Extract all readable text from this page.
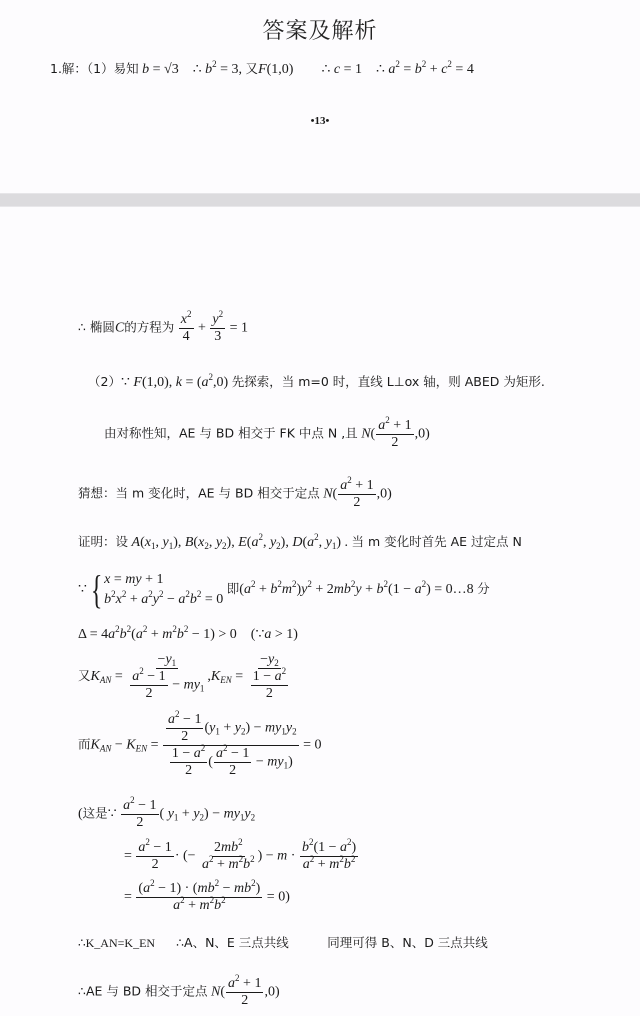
答案及解析
1.解：（1）易知 b = √3    ∴ $b^2 = 3$, 又F(1,0)        ∴ c = 1    ∴ $a^2 = b^2 + c^2 = 4$
•13•
∴ 椭圆C的方程为 $\frac{x^2}{4} + \frac{y^2}{3} = 1$
（2）∵ F(1,0), $k = (a^2,0)$ 先探索，当 m=0 时，直线 L⊥ox 轴，则 ABED 为矩形.
由对称性知，AE 与 BD 相交于 FK 中点 N ,且 $N( \frac{a^2 + 1}{2} ,0)$
猜想：当 m 变化时，AE 与 BD 相交于定点 $N( \frac{a^2 + 1}{2} ,0)$
证明：设 $A(x_1$, $y_1$), $B(x_2$, $y_2$), $E(a^2$, $y_2$), $D(a^2$, $y_1$) . 当 m 变化时首先 AE 过定点 N
∵ { x = my + 1
$b^2x^2 + a^2y^2 - a^2b^2 = 0$
即$(a^2 + b^2m^2)y^2 + 2mb^2y + b^2(1 - a^2)$ = 0…8 分
$\Delta = 4a^2b^2(a^2 + m^2b^2 - 1) > 0$    (∵a > 1)
又$K_{AN} = \frac{-y_1}{\frac{a^2 - 1}{2} - my_1} ,K_{EN} = \frac{-y_2}{\frac{1 - a^2}{2}}$
而$K_{AN} - K_{EN} = \frac{\frac{a^2 - 1}{2} (y_1 + y_2) - my_1y_2}{\frac{1 - a^2}{2} ( \frac{a^2 - 1}{2} - my_1)} = 0$
(这是∵ $\frac{a^2 - 1}{2}$ ( $y_1 + y_2) - my_1y_2$
= $\frac{a^2 - 1}{2}$ · (− $\frac{2mb^2}{a^2 + m^2b^2}$ ) − $m \cdot \frac{b^2(1 - a^2)}{a^2 + m^2b^2}$
= $\frac{(a^2 - 1) \cdot (mb^2 - mb^2)}{a^2 + m^2b^2} = 0$)
∴K_AN=K_EN ∴A、N、E 三点共线	同理可得 B、N、D 三点共线
∴AE 与 BD 相交于定点 $N( \frac{a^2 + 1}{2} ,0)$
